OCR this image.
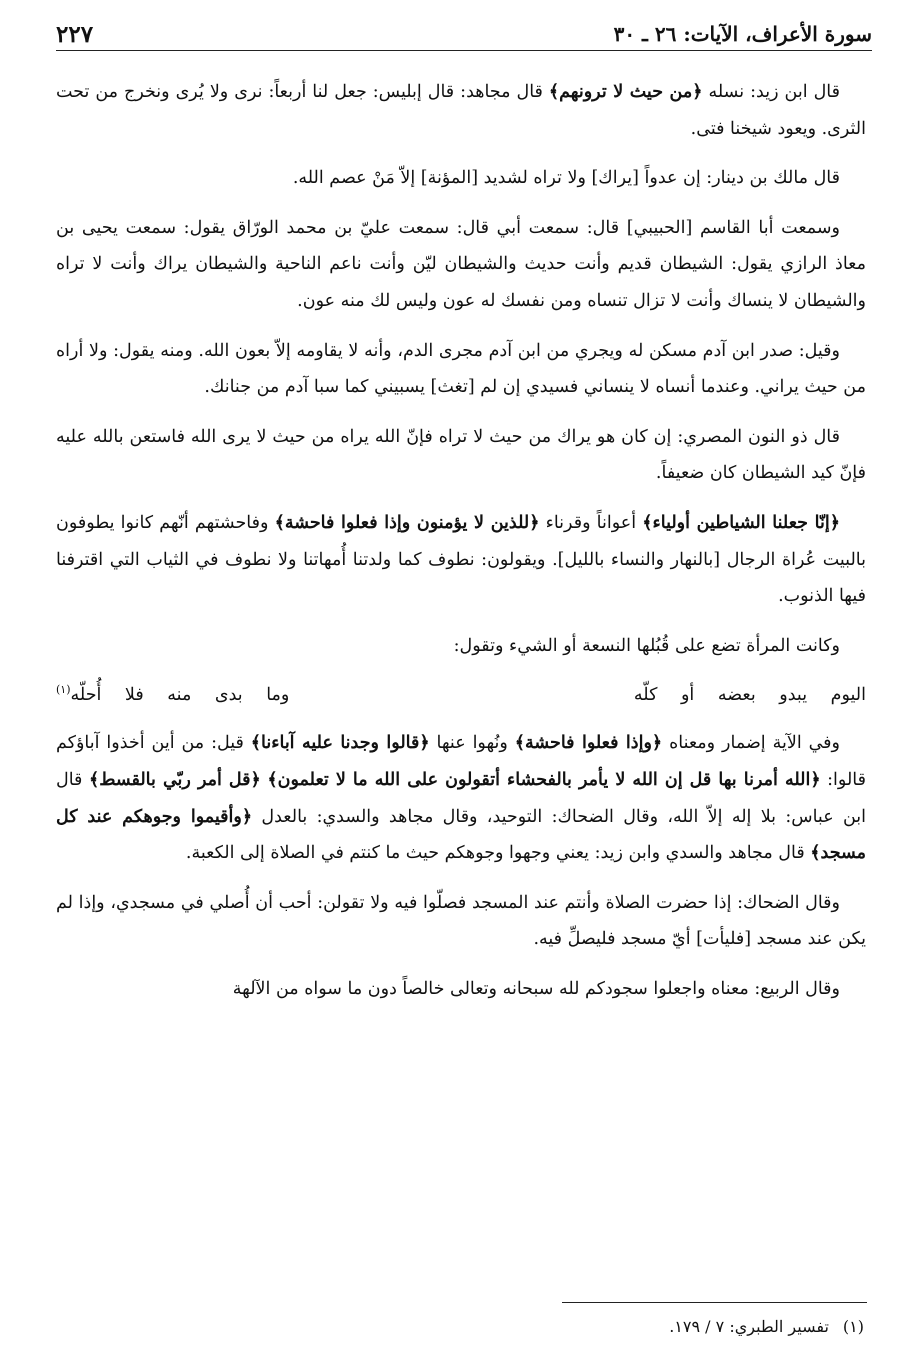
سورة الأعراف، الآيات: ٢٦ ـ ٣٠
٢٢٧

قال ابن زيد: نسله ﴿من حيث لا ترونهم﴾ قال مجاهد: قال إبليس: جعل لنا أربعاً: نرى ولا يُرى ونخرج من تحت الثرى. ويعود شيخنا فتى.

قال مالك بن دينار: إن عدواً [يراك] ولا تراه لشديد [المؤنة] إلاّ مَنْ عصم الله.

وسمعت أبا القاسم [الحبيبي] قال: سمعت أبي قال: سمعت عليّ بن محمد الورّاق يقول: سمعت يحيى بن معاذ الرازي يقول: الشيطان قديم وأنت حديث والشيطان ليّن وأنت ناعم الناحية والشيطان يراك وأنت لا تراه والشيطان لا ينساك وأنت لا تزال تنساه ومن نفسك له عون وليس لك منه عون.

وقيل: صدر ابن آدم مسكن له ويجري من ابن آدم مجرى الدم، وأنه لا يقاومه إلاّ بعون الله. ومنه يقول: ولا أراه من حيث يراني. وعندما أنساه لا ينساني فسيدي إن لم [تغث] يسبيني كما سبا آدم من جنانك.

قال ذو النون المصري: إن كان هو يراك من حيث لا تراه فإنّ الله يراه من حيث لا يرى الله فاستعن بالله عليه فإنّ كيد الشيطان كان ضعيفاً.

﴿إنّا جعلنا الشياطين أولياء﴾ أعواناً وقرناء ﴿للذين لا يؤمنون وإذا فعلوا فاحشة﴾ وفاحشتهم أنّهم كانوا يطوفون بالبيت عُراة الرجال [بالنهار والنساء بالليل]. ويقولون: نطوف كما ولدتنا أُمهاتنا ولا نطوف في الثياب التي اقترفنا فيها الذنوب.

وكانت المرأة تضع على قُبُلها النسعة أو الشيء وتقول:

اليوم يبدو بعضه أو كلّه
وما بدى منه فلا أُحلّه$^{(١)}$

وفي الآية إضمار ومعناه ﴿وإذا فعلوا فاحشة﴾ ونُهوا عنها ﴿قالوا وجدنا عليه آباءنا﴾ قيل: من أين أخذوا آباؤكم قالوا: ﴿الله أمرنا بها قل إن الله لا يأمر بالفحشاء أتقولون على الله ما لا تعلمون﴾ ﴿قل أمر ربّي بالقسط﴾ قال ابن عباس: بلا إله إلاّ الله، وقال الضحاك: التوحيد، وقال مجاهد والسدي: بالعدل ﴿وأقيموا وجوهكم عند كل مسجد﴾ قال مجاهد والسدي وابن زيد: يعني وجهوا وجوهكم حيث ما كنتم في الصلاة إلى الكعبة.

وقال الضحاك: إذا حضرت الصلاة وأنتم عند المسجد فصلّوا فيه ولا تقولن: أحب أن أُصلي في مسجدي، وإذا لم يكن عند مسجد [فليأت] أيّ مسجد فليصلِّ فيه.

وقال الربيع: معناه واجعلوا سجودكم لله سبحانه وتعالى خالصاً دون ما سواه من الآلهة

(١)تفسير الطبري: ٧ / ١٧٩.
